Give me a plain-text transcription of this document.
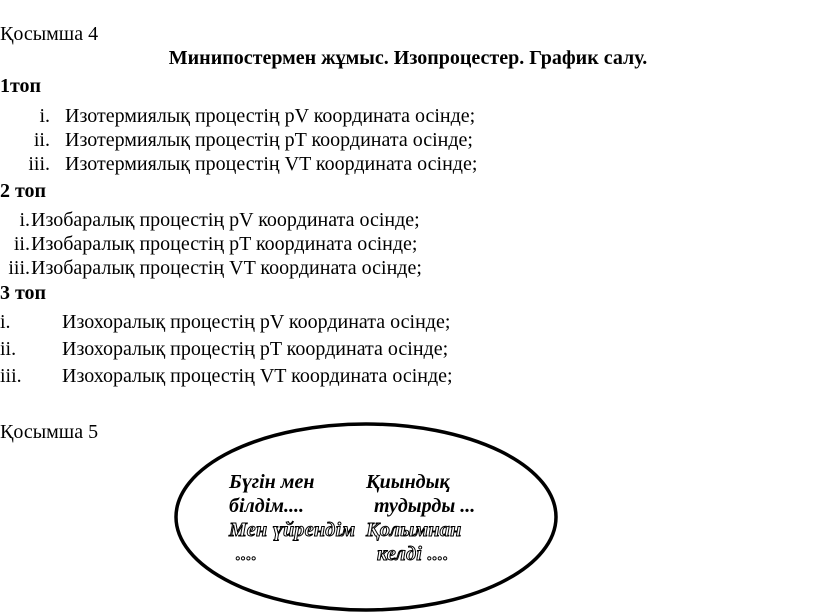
Қосымша 4
Минипостермен жұмыс. Изопроцестер. График салу.
1топ
i. Изотермиялық процестің pV координата осінде;
ii. Изотермиялық процестің pT координата осінде;
iii. Изотермиялық процестің VT координата осінде;
2 топ
i. Изобаралық процестің pV координата осінде;
ii. Изобаралық процестің pT координата осінде;
iii. Изобаралық процестің VT координата осінде;
3 топ
i.	Изохоралық процестің pV координата осінде;
ii. Изохоралық процестің pT координата осінде;
iii. Изохоралық процестің VT координата осінде;
Қосымша 5
Бүгін мен
білдім....
Қиындық
тудырды ...
Мен үйрендім
....
Қолымнан
келді ....
